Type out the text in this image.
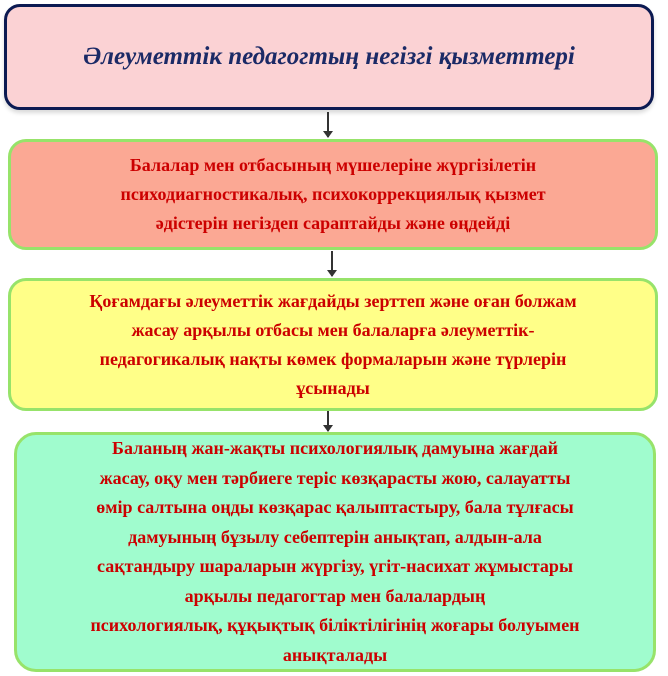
Әлеуметтік педагогтың негізгі қызметтері
Балалар мен отбасының мүшелеріне жүргізілетін
психодиагностикалық, психокоррекциялық қызмет
әдістерін негіздеп сараптайды және өңдейді
Қоғамдағы әлеуметтік жағдайды зерттеп және оған болжам
жасау арқылы отбасы мен балаларға әлеуметтік-
педагогикалық нақты көмек формаларын және түрлерін
ұсынады
Баланың жан-жақты психологиялық дамуына жағдай
жасау, оқу мен тәрбиеге теріс көзқарасты жою, салауатты
өмір салтына оңды көзқарас қалыптастыру, бала тұлғасы
дамуының бұзылу себептерін анықтап, алдын-ала
сақтандыру шараларын жүргізу, үгіт-насихат жұмыстары
арқылы педагогтар мен балалардың
психологиялық, құқықтық біліктілігінің жоғары болуымен
анықталады
